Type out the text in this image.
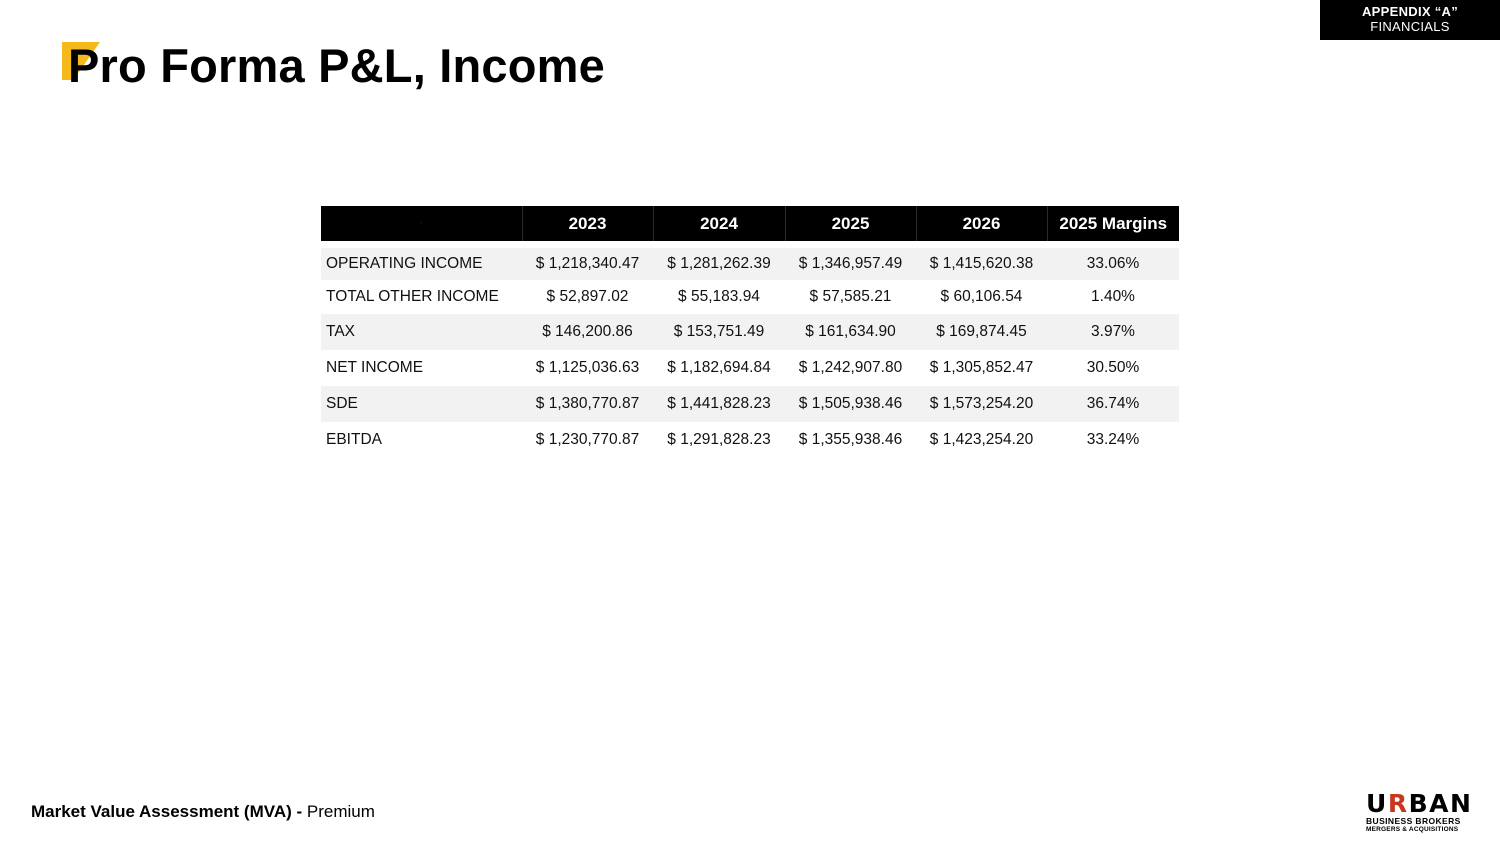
APPENDIX “A”
FINANCIALS
Pro Forma P&L, Income
-	2023	2024	2025	2026	2025 Margins

OPERATING INCOME	$ 1,218,340.47	$ 1,281,262.39	$ 1,346,957.49	$ 1,415,620.38	33.06%
TOTAL OTHER INCOME	$ 52,897.02	$ 55,183.94	$ 57,585.21	$ 60,106.54	1.40%
TAX	$ 146,200.86	$ 153,751.49	$ 161,634.90	$ 169,874.45	3.97%
NET INCOME	$ 1,125,036.63	$ 1,182,694.84	$ 1,242,907.80	$ 1,305,852.47	30.50%
SDE	$ 1,380,770.87	$ 1,441,828.23	$ 1,505,938.46	$ 1,573,254.20	36.74%
EBITDA	$ 1,230,770.87	$ 1,291,828.23	$ 1,355,938.46	$ 1,423,254.20	33.24%
Market Value Assessment (MVA) - Premium	URBAN
BUSINESS BROKERS
MERGERS & ACQUISITIONS
